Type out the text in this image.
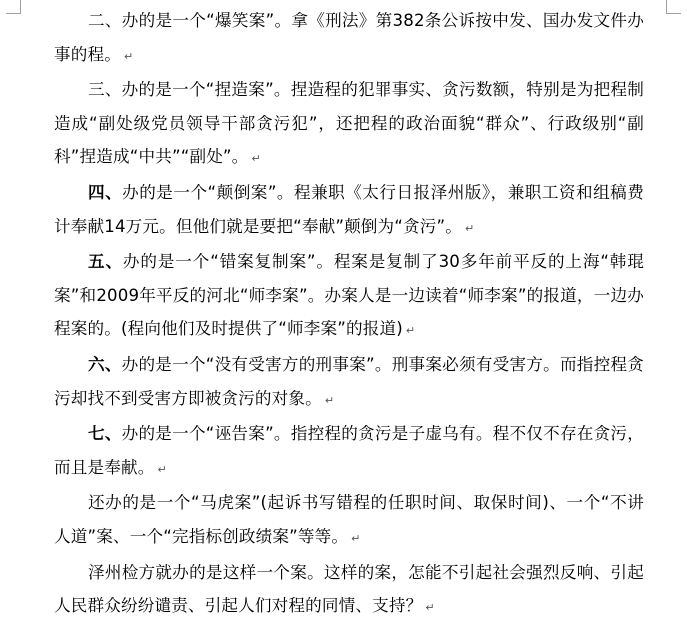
二、办的是一个“爆笑案”。拿《刑法》第382条公诉按中发、国办发文件办事的程。 ↵

三、办的是一个“捏造案”。捏造程的犯罪事实、贪污数额，特别是为把程制造成“副处级党员领导干部贪污犯”，还把程的政治面貌“群众”、行政级别“副科”捏造成“中共”“副处”。 ↵

四、办的是一个“颠倒案”。程兼职《太行日报泽州版》，兼职工资和组稿费计奉献14万元。但他们就是要把“奉献”颠倒为“贪污”。 ↵

五、办的是一个“错案复制案”。程案是复制了30多年前平反的上海“韩琨案”和2009年平反的河北“师李案”。办案人是一边读着“师李案”的报道，一边办程案的。(程向他们及时提供了“师李案”的报道) ↵

六、办的是一个“没有受害方的刑事案”。刑事案必须有受害方。而指控程贪污却找不到受害方即被贪污的对象。 ↵

七、办的是一个“诬告案”。指控程的贪污是子虚乌有。程不仅不存在贪污，而且是奉献。 ↵

还办的是一个“马虎案”(起诉书写错程的任职时间、取保时间)、一个“不讲人道”案、一个“完指标创政绩案”等等。 ↵

泽州检方就办的是这样一个案。这样的案，怎能不引起社会强烈反响、引起人民群众纷纷谴责、引起人们对程的同情、支持？ ↵
